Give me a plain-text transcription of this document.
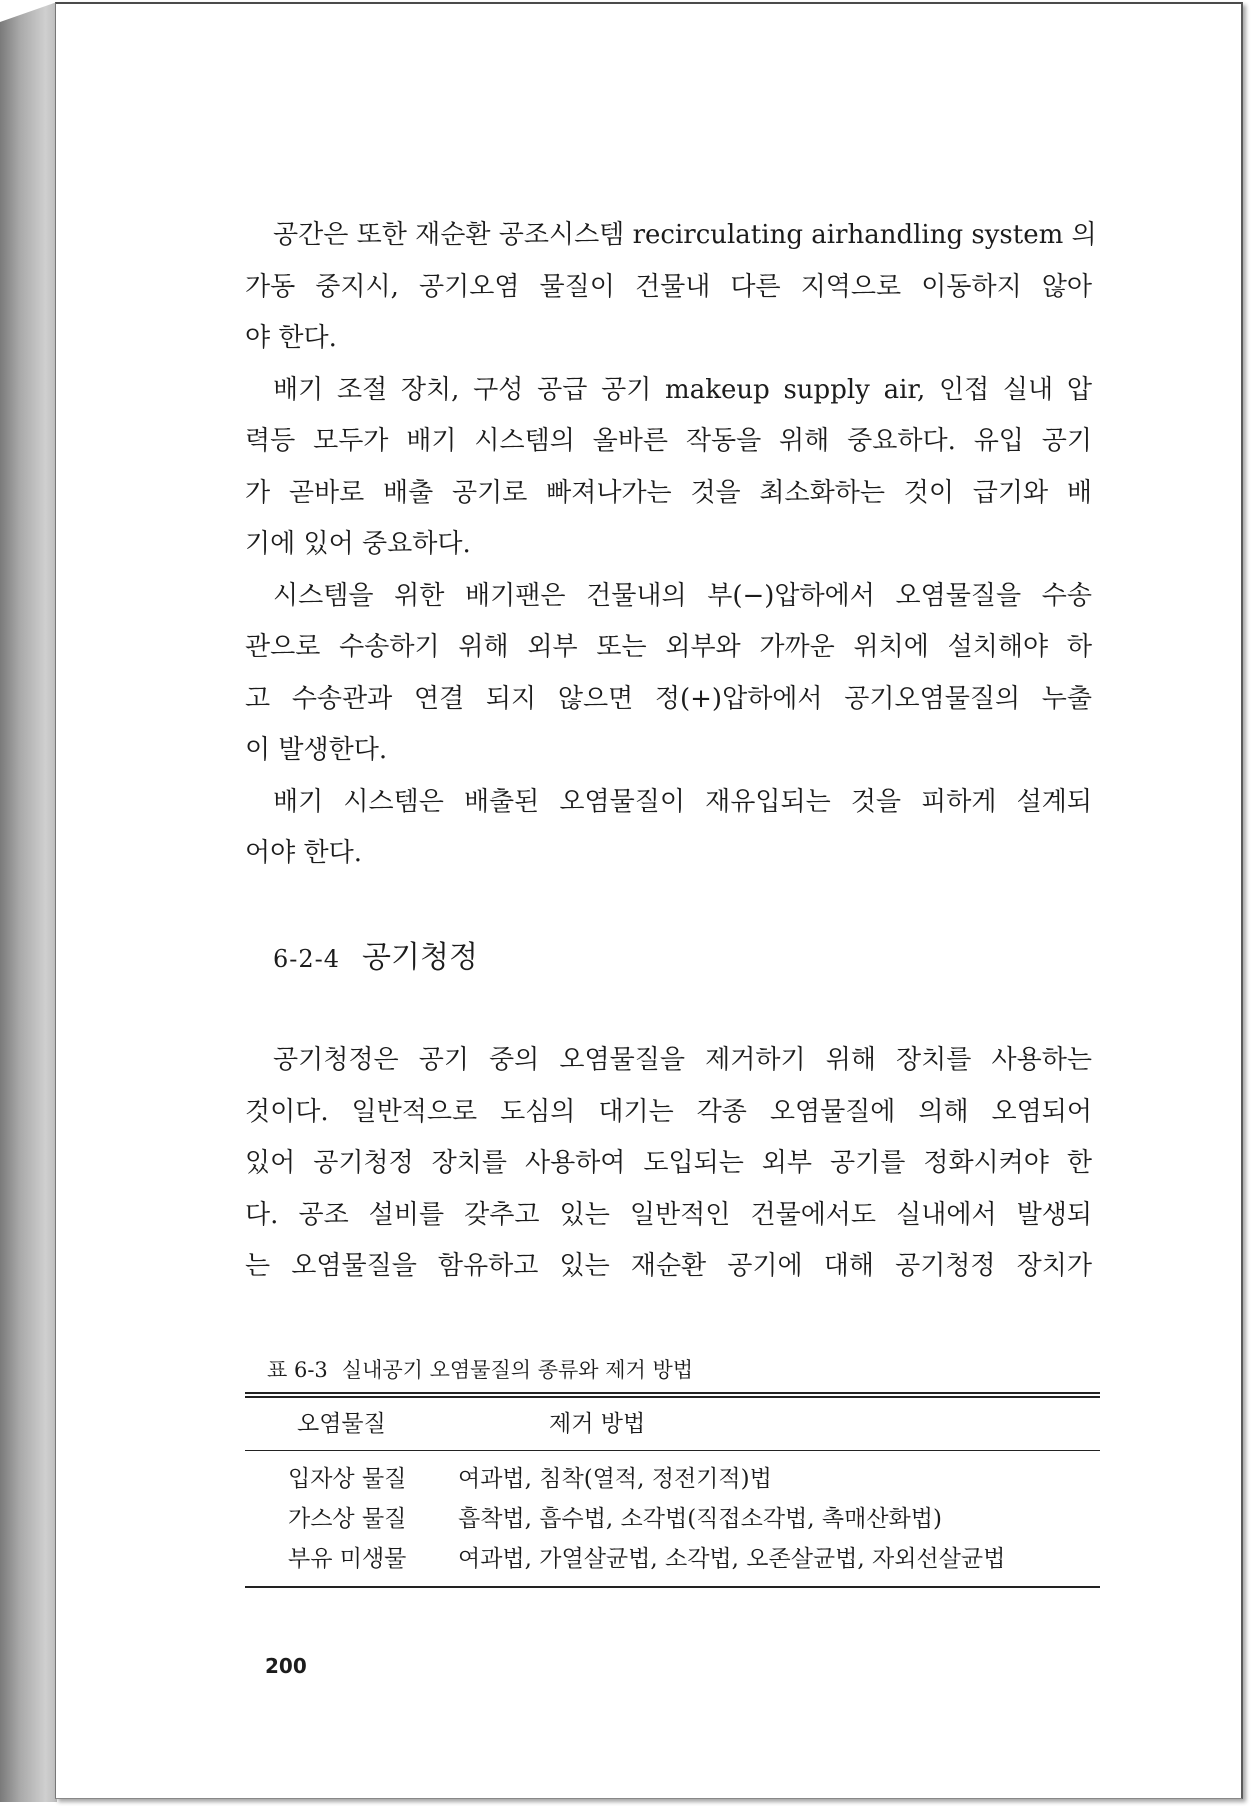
공간은 또한 재순환 공조시스템 recirculating airhandling system 의
가동 중지시, 공기오염 물질이 건물내 다른 지역으로 이동하지 않아
야 한다.

배기 조절 장치, 구성 공급 공기 makeup supply air, 인접 실내 압
력등 모두가 배기 시스템의 올바른 작동을 위해 중요하다. 유입 공기
가 곧바로 배출 공기로 빠져나가는 것을 최소화하는 것이 급기와 배
기에 있어 중요하다.

시스템을 위한 배기팬은 건물내의 부(−)압하에서 오염물질을 수송
관으로 수송하기 위해 외부 또는 외부와 가까운 위치에 설치해야 하
고 수송관과 연결 되지 않으면 정(+)압하에서 공기오염물질의 누출
이 발생한다.

배기 시스템은 배출된 오염물질이 재유입되는 것을 피하게 설계되
어야 한다.

6-2-4 공기청정

공기청정은 공기 중의 오염물질을 제거하기 위해 장치를 사용하는
것이다. 일반적으로 도심의 대기는 각종 오염물질에 의해 오염되어
있어 공기청정 장치를 사용하여 도입되는 외부 공기를 정화시켜야 한
다. 공조 설비를 갖추고 있는 일반적인 건물에서도 실내에서 발생되
는 오염물질을 함유하고 있는 재순환 공기에 대해 공기청정 장치가

표 6-3 실내공기 오염물질의 종류와 제거 방법
오염물질	제거 방법
입자상 물질 여과법, 침착(열적, 정전기적)법
가스상 물질 흡착법, 흡수법, 소각법(직접소각법, 촉매산화법)
부유 미생물 여과법, 가열살균법, 소각법, 오존살균법, 자외선살균법
200
